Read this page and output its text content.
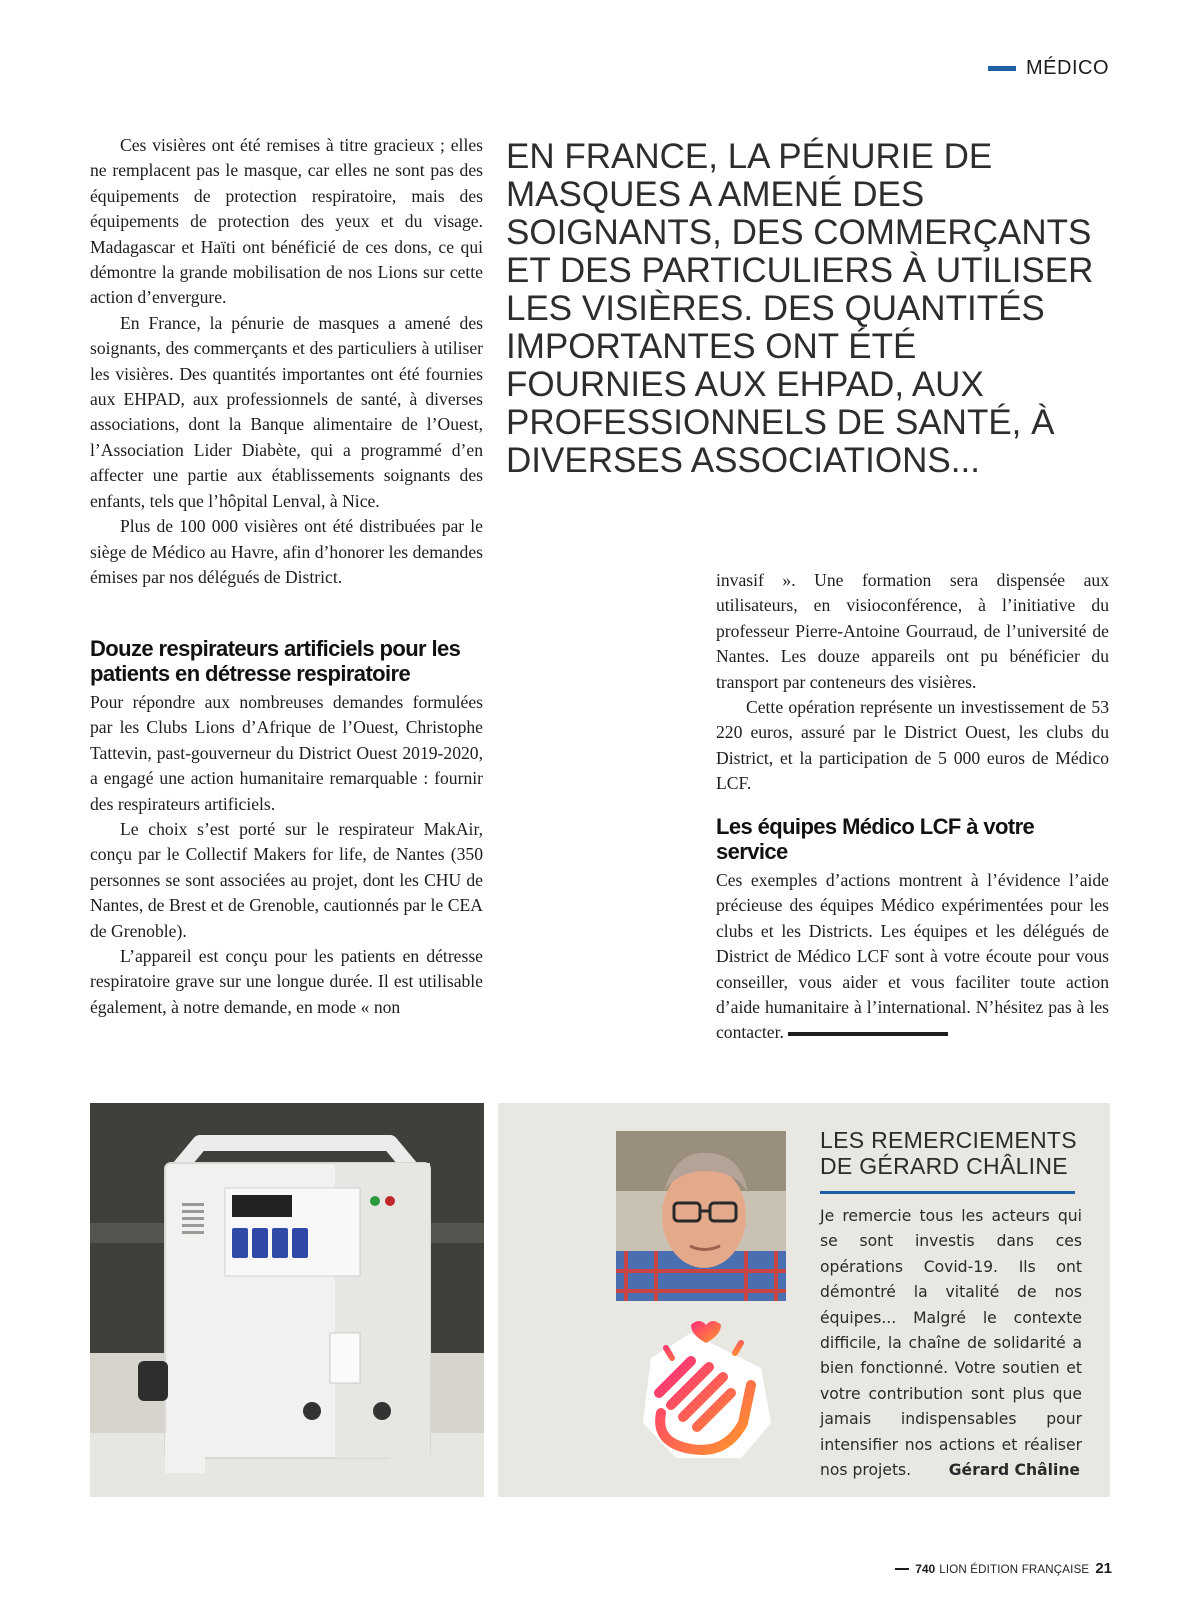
MÉDICO

Ces visières ont été remises à titre gracieux ; elles ne remplacent pas le masque, car elles ne sont pas des équipements de protection respiratoire, mais des équipements de protection des yeux et du visage. Madagascar et Haïti ont bénéficié de ces dons, ce qui démontre la grande mobilisation de nos Lions sur cette action d’envergure.

En France, la pénurie de masques a amené des soignants, des commerçants et des particuliers à utiliser les visières. Des quantités importantes ont été fournies aux EHPAD, aux professionnels de santé, à diverses associations, dont la Banque alimentaire de l’Ouest, l’Association Lider Diabète, qui a programmé d’en affecter une partie aux établissements soignants des enfants, tels que l’hôpital Lenval, à Nice.

Plus de 100 000 visières ont été distribuées par le siège de Médico au Havre, afin d’honorer les demandes émises par nos délégués de District.

EN FRANCE, LA PÉNURIE DE MASQUES A AMENÉ DES SOIGNANTS, DES COMMERÇANTS ET DES PARTICULIERS À UTILISER LES VISIÈRES. DES QUANTITÉS IMPORTANTES ONT ÉTÉ FOURNIES AUX EHPAD, AUX PROFESSIONNELS DE SANTÉ, À DIVERSES ASSOCIATIONS...
Douze respirateurs artificiels pour les patients en détresse respiratoire

Pour répondre aux nombreuses demandes formulées par les Clubs Lions d’Afrique de l’Ouest, Christophe Tattevin, past-gouverneur du District Ouest 2019-2020, a engagé une action humanitaire remarquable : fournir des respirateurs artificiels.

Le choix s’est porté sur le respirateur MakAir, conçu par le Collectif Makers for life, de Nantes (350 personnes se sont associées au projet, dont les CHU de Nantes, de Brest et de Grenoble, cautionnés par le CEA de Grenoble).

L’appareil est conçu pour les patients en détresse respiratoire grave sur une longue durée. Il est utilisable également, à notre demande, en mode « non

invasif ». Une formation sera dispensée aux utilisateurs, en visioconférence, à l’initiative du professeur Pierre-Antoine Gourraud, de l’université de Nantes. Les douze appareils ont pu bénéficier du transport par conteneurs des visières.

Cette opération représente un investissement de 53 220 euros, assuré par le District Ouest, les clubs du District, et la participation de 5 000 euros de Médico LCF.

Les équipes Médico LCF à votre service

Ces exemples d’actions montrent à l’évidence l’aide précieuse des équipes Médico expérimentées pour les clubs et les Districts. Les équipes et les délégués de District de Médico LCF sont à votre écoute pour vous conseiller, vous aider et vous faciliter toute action d’aide humanitaire à l’international. N’hésitez pas à les contacter.

LES REMERCIEMENTS
DE GÉRARD CHÂLINE
Je remercie tous les acteurs qui se sont investis dans ces opérations Covid-19. Ils ont démontré la vitalité de nos équipes... Malgré le contexte difficile, la chaîne de solidarité a bien fonctionné. Votre soutien et votre contribution sont plus que jamais indispensables pour intensifier nos actions et réaliser nos projets.	Gérard Châline
740 LION ÉDITION FRANÇAISE 21
